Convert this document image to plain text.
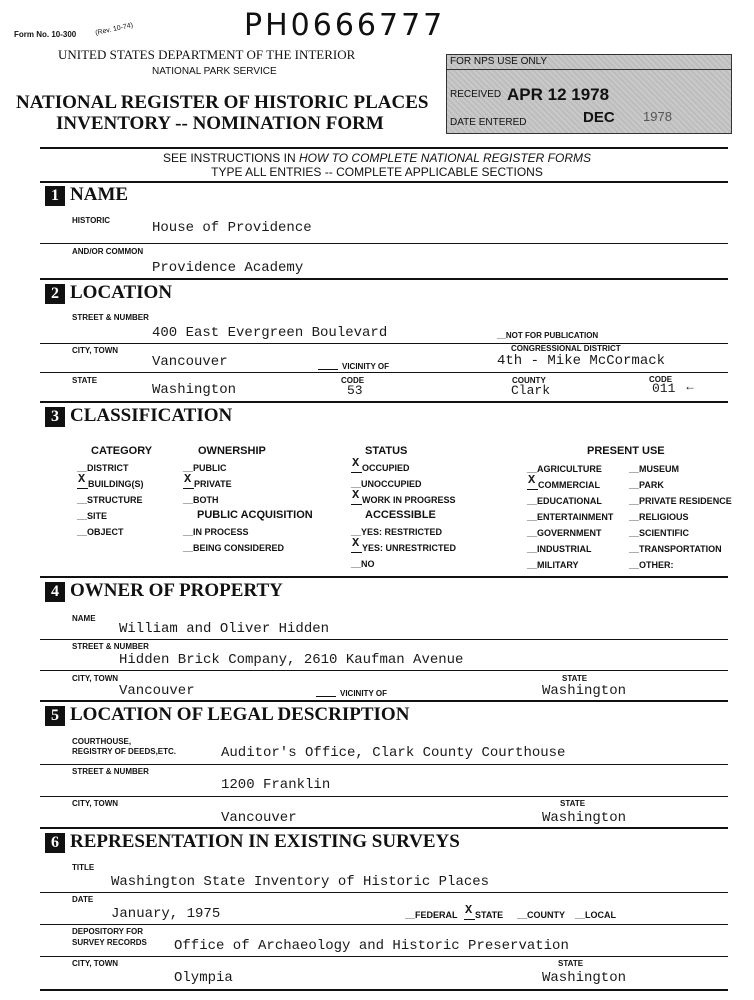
Form No. 10-300	(Rev. 10-74)	PH0666777
UNITED STATES DEPARTMENT OF THE INTERIOR
NATIONAL PARK SERVICE
NATIONAL REGISTER OF HISTORIC PLACES
INVENTORY -- NOMINATION FORM
FOR NPS USE ONLY
RECEIVED APR 12 1978
DATE ENTERED	DEC 1978
SEE INSTRUCTIONS IN HOW TO COMPLETE NATIONAL REGISTER FORMS
TYPE ALL ENTRIES -- COMPLETE APPLICABLE SECTIONS
1 NAME
HISTORIC	House of Providence
AND/OR COMMON
Providence Academy
2 LOCATION
STREET & NUMBER
400 East Evergreen Boulevard	__NOT FOR PUBLICATION
CITY, TOWN
Vancouver	VICINITY OF
CONGRESSIONAL DISTRICT
4th - Mike McCormack
STATE
Washington
CODE
53
COUNTY
Clark
CODE
011 ←
3 CLASSIFICATION
CATEGORY
__DISTRICT
X BUILDING(S)
__STRUCTURE
__SITE
__OBJECT
OWNERSHIP
__PUBLIC
X PRIVATE
__BOTH
PUBLIC ACQUISITION
__IN PROCESS
__BEING CONSIDERED
STATUS
X OCCUPIED
__UNOCCUPIED
X WORK IN PROGRESS
ACCESSIBLE
__YES: RESTRICTED
X YES: UNRESTRICTED
__NO
PRESENT USE
__AGRICULTURE
X COMMERCIAL
__EDUCATIONAL
__ENTERTAINMENT
__GOVERNMENT
__INDUSTRIAL
__MILITARY
__MUSEUM
__PARK
__PRIVATE RESIDENCE
__RELIGIOUS
__SCIENTIFIC
__TRANSPORTATION
__OTHER:
4 OWNER OF PROPERTY
NAME
William and Oliver Hidden
STREET & NUMBER
Hidden Brick Company, 2610 Kaufman Avenue
CITY, TOWN
Vancouver	VICINITY OF
STATE
Washington
5 LOCATION OF LEGAL DESCRIPTION
COURTHOUSE,
REGISTRY OF DEEDS,ETC.	Auditor's Office, Clark County Courthouse
STREET & NUMBER
1200 Franklin
CITY, TOWN
Vancouver
STATE
Washington
6 REPRESENTATION IN EXISTING SURVEYS
TITLE
Washington State Inventory of Historic Places
DATE
January, 1975	__FEDERAL X STATE __COUNTY __LOCAL
DEPOSITORY FOR
SURVEY RECORDS Office of Archaeology and Historic Preservation
CITY, TOWN
Olympia
STATE
Washington
